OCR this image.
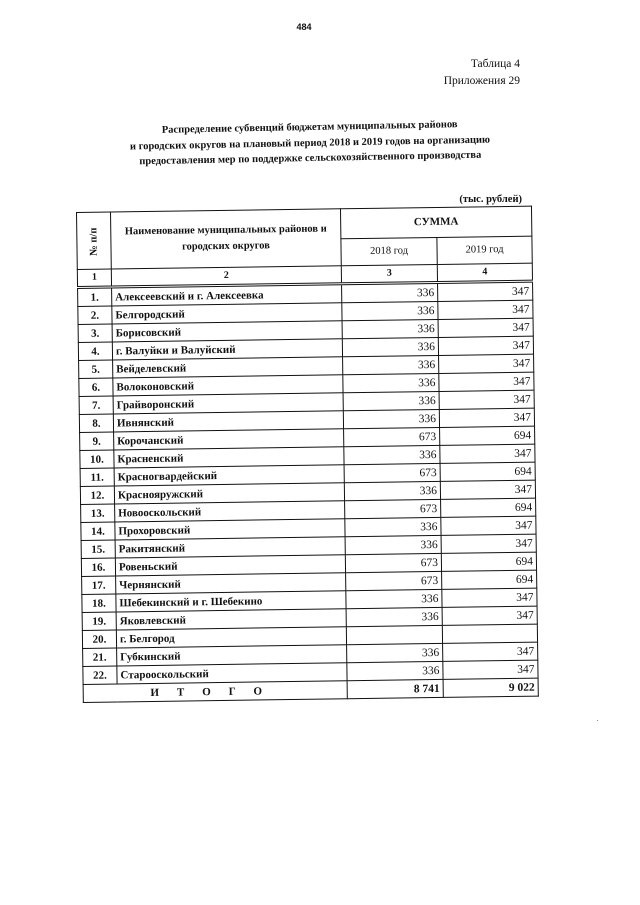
484
Таблица 4
Приложения 29
Распределение субвенций бюджетам муниципальных районов
и городских округов на плановый период 2018 и 2019 годов на организацию
предоставления мер по поддержке сельскохозяйственного производства
(тыс. рублей)
№ п/п	Наименование муниципальных районов и городских округов	СУММА	
		2018 год	2019 год
1	2	3	4
1.	Алексеевский и г. Алексеевка	336	347
2.	Белгородский	336	347
3.	Борисовский	336	347
4.	г. Валуйки и Валуйский	336	347
5.	Вейделевский	336	347
6.	Волоконовский	336	347
7.	Грайворонский	336	347
8.	Ивнянский	336	347
9.	Корочанский	673	694
10.	Красненский	336	347
11.	Красногвардейский	673	694
12.	Краснояружский	336	347
13.	Новооскольский	673	694
14.	Прохоровский	336	347
15.	Ракитянский	336	347
16.	Ровеньский	673	694
17.	Чернянский	673	694
18.	Шебекинский и г. Шебекино	336	347
19.	Яковлевский	336	347
20.	г. Белгород		
21.	Губкинский	336	347
22.	Старооскольский	336	347
ИТОГО		8 741	9 022
·
